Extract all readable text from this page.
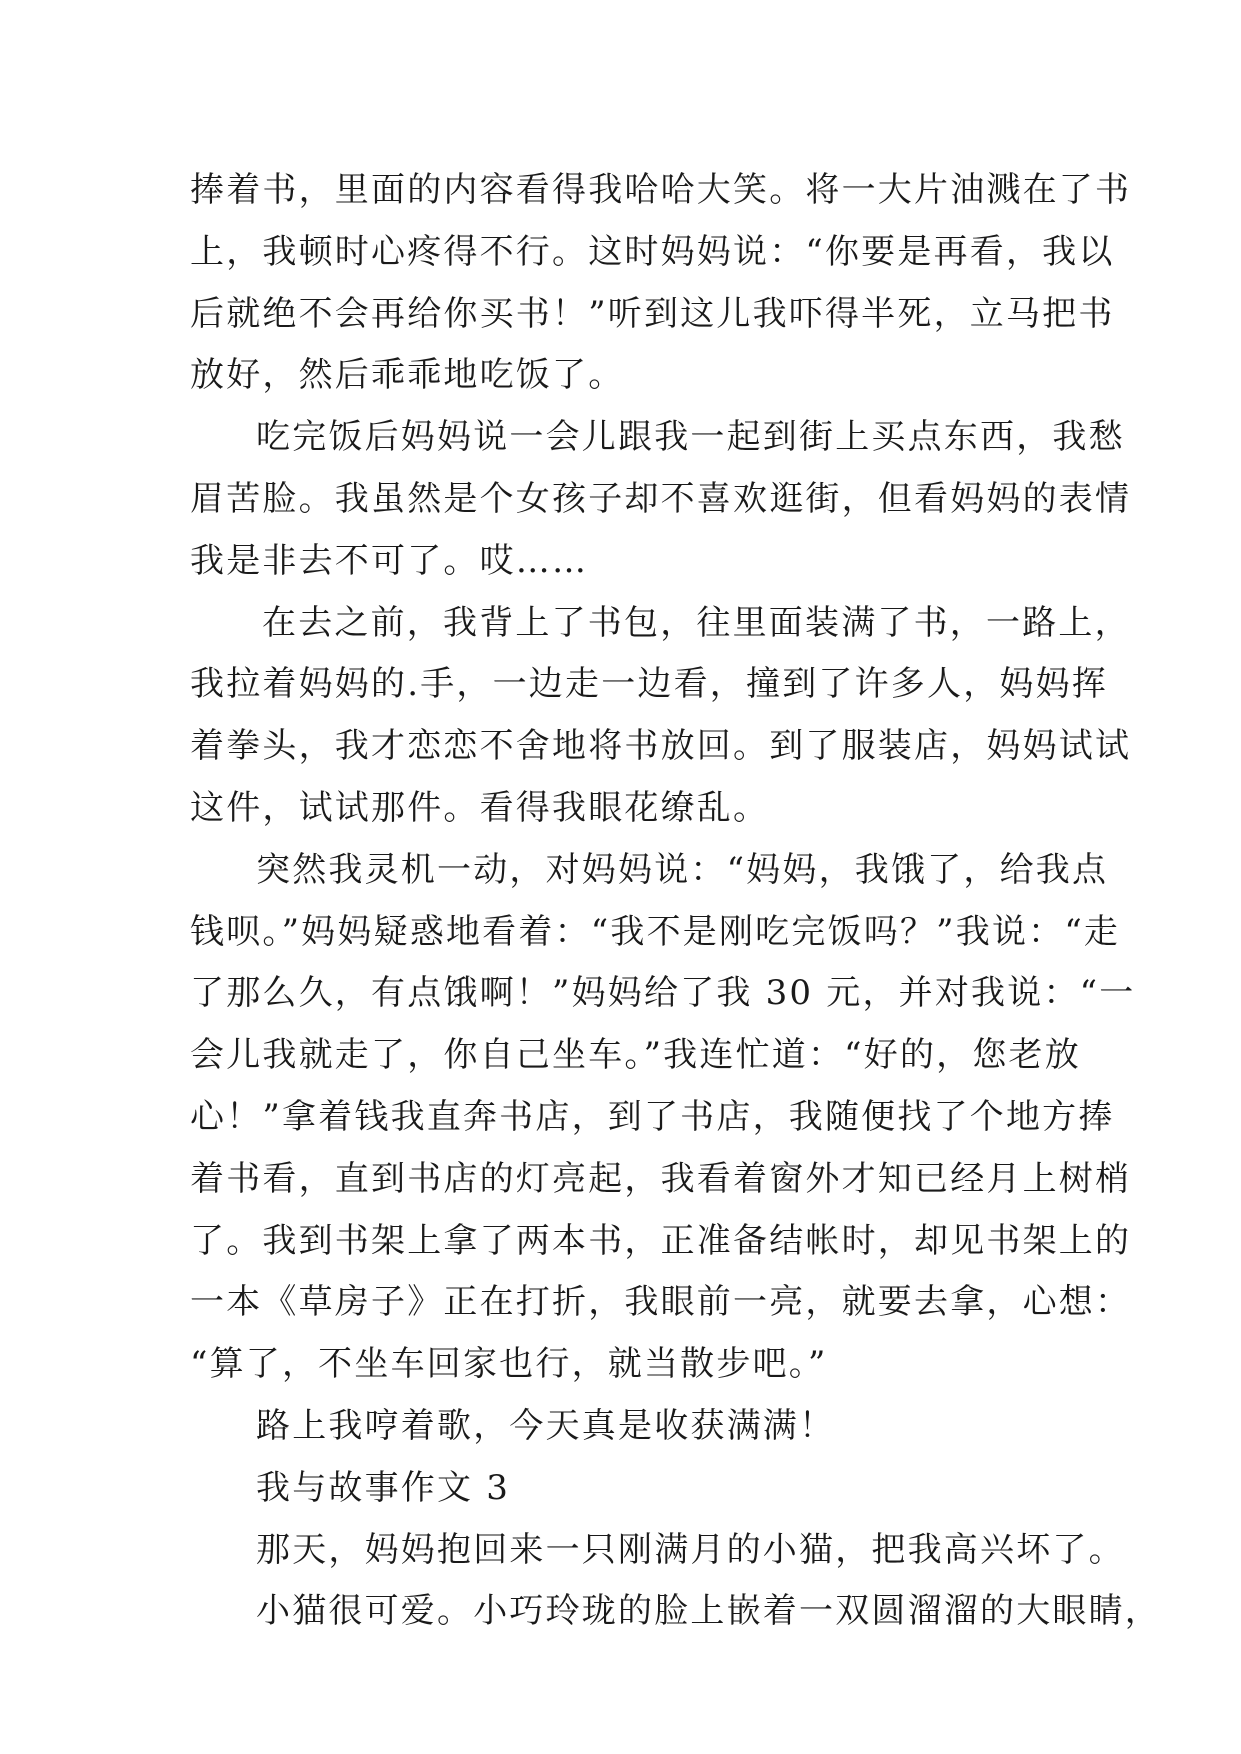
捧着书，里面的内容看得我哈哈大笑。将一大片油溅在了书
上，我顿时心疼得不行。这时妈妈说：“你要是再看，我以
后就绝不会再给你买书！”听到这儿我吓得半死，立马把书
放好，然后乖乖地吃饭了。
吃完饭后妈妈说一会儿跟我一起到街上买点东西，我愁
眉苦脸。我虽然是个女孩子却不喜欢逛街，但看妈妈的表情
我是非去不可了。哎……
在去之前，我背上了书包，往里面装满了书，一路上，
我拉着妈妈的.手，一边走一边看，撞到了许多人，妈妈挥
着拳头，我才恋恋不舍地将书放回。到了服装店，妈妈试试
这件，试试那件。看得我眼花缭乱。
突然我灵机一动，对妈妈说：“妈妈，我饿了，给我点
钱呗。”妈妈疑惑地看着：“我不是刚吃完饭吗？”我说：“走
了那么久，有点饿啊！”妈妈给了我 30 元，并对我说：“一
会儿我就走了，你自己坐车。”我连忙道：“好的，您老放
心！”拿着钱我直奔书店，到了书店，我随便找了个地方捧
着书看，直到书店的灯亮起，我看着窗外才知已经月上树梢
了。我到书架上拿了两本书，正准备结帐时，却见书架上的
一本《草房子》正在打折，我眼前一亮，就要去拿，心想：
“算了，不坐车回家也行，就当散步吧。”
路上我哼着歌，今天真是收获满满！
我与故事作文 3
那天，妈妈抱回来一只刚满月的小猫，把我高兴坏了。
小猫很可爱。小巧玲珑的脸上嵌着一双圆溜溜的大眼睛，
